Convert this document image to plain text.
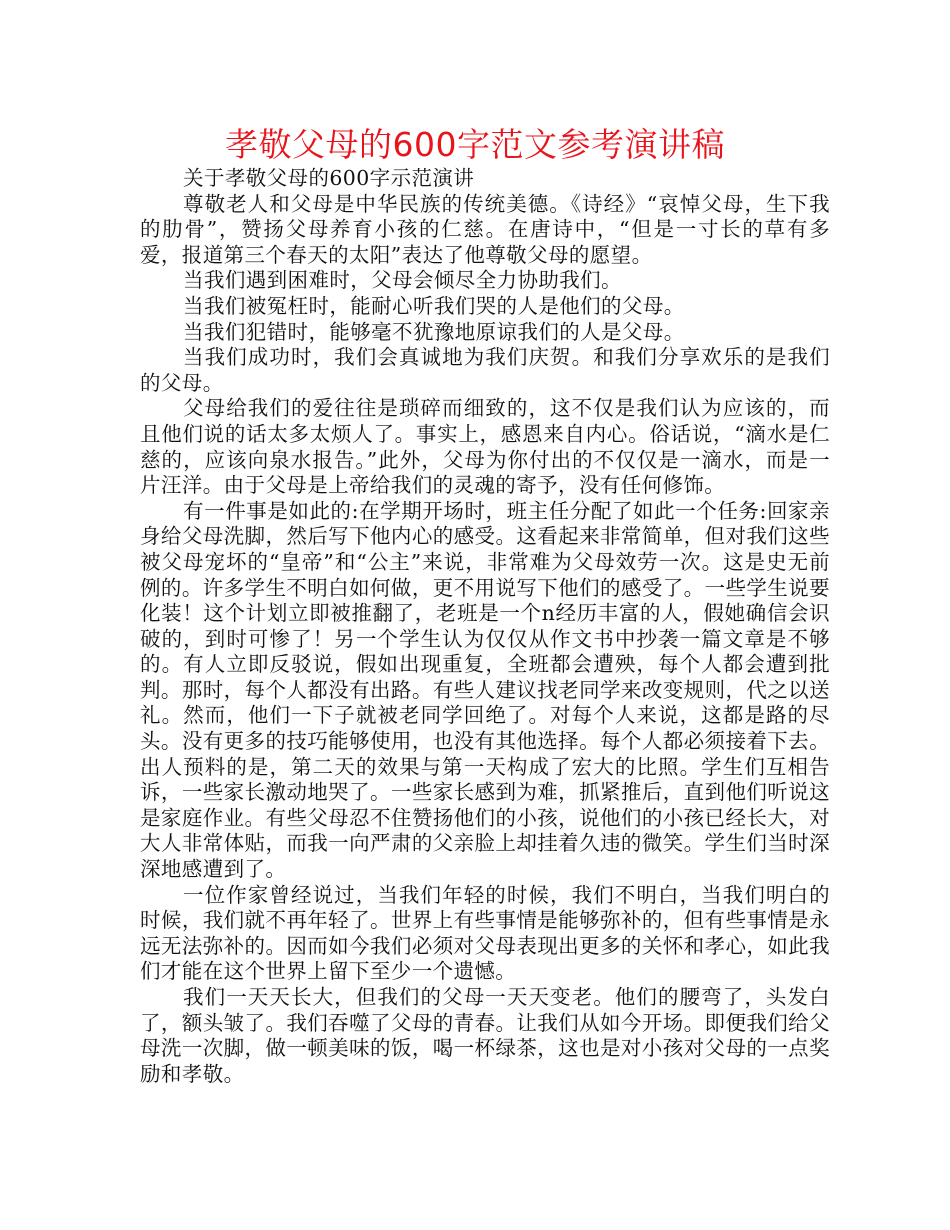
孝敬父母的600字范文参考演讲稿

关于孝敬父母的600字示范演讲

尊敬老人和父母是中华民族的传统美德。《诗经》“哀悼父母，生下我的肋骨”，赞扬父母养育小孩的仁慈。在唐诗中，“但是一寸长的草有多爱，报道第三个春天的太阳”表达了他尊敬父母的愿望。

当我们遇到困难时，父母会倾尽全力协助我们。

当我们被冤枉时，能耐心听我们哭的人是他们的父母。

当我们犯错时，能够毫不犹豫地原谅我们的人是父母。

当我们成功时，我们会真诚地为我们庆贺。和我们分享欢乐的是我们的父母。

父母给我们的爱往往是琐碎而细致的，这不仅是我们认为应该的，而且他们说的话太多太烦人了。事实上，感恩来自内心。俗话说，“滴水是仁慈的，应该向泉水报告。”此外，父母为你付出的不仅仅是一滴水，而是一片汪洋。由于父母是上帝给我们的灵魂的寄予，没有任何修饰。

有一件事是如此的:在学期开场时，班主任分配了如此一个任务:回家亲身给父母洗脚，然后写下他内心的感受。这看起来非常简单，但对我们这些被父母宠坏的“皇帝”和“公主”来说，非常难为父母效劳一次。这是史无前例的。许多学生不明白如何做，更不用说写下他们的感受了。一些学生说要化装！这个计划立即被推翻了，老班是一个n经历丰富的人，假她确信会识破的，到时可惨了！另一个学生认为仅仅从作文书中抄袭一篇文章是不够的。有人立即反驳说，假如出现重复，全班都会遭殃，每个人都会遭到批判。那时，每个人都没有出路。有些人建议找老同学来改变规则，代之以送礼。然而，他们一下子就被老同学回绝了。对每个人来说，这都是路的尽头。没有更多的技巧能够使用，也没有其他选择。每个人都必须接着下去。出人预料的是，第二天的效果与第一天构成了宏大的比照。学生们互相告诉，一些家长激动地哭了。一些家长感到为难，抓紧推后，直到他们听说这是家庭作业。有些父母忍不住赞扬他们的小孩，说他们的小孩已经长大，对大人非常体贴，而我一向严肃的父亲脸上却挂着久违的微笑。学生们当时深深地感遭到了。

一位作家曾经说过，当我们年轻的时候，我们不明白，当我们明白的时候，我们就不再年轻了。世界上有些事情是能够弥补的，但有些事情是永远无法弥补的。因而如今我们必须对父母表现出更多的关怀和孝心，如此我们才能在这个世界上留下至少一个遗憾。

我们一天天长大，但我们的父母一天天变老。他们的腰弯了，头发白了，额头皱了。我们吞噬了父母的青春。让我们从如今开场。即便我们给父母洗一次脚，做一顿美味的饭，喝一杯绿茶，这也是对小孩对父母的一点奖励和孝敬。
